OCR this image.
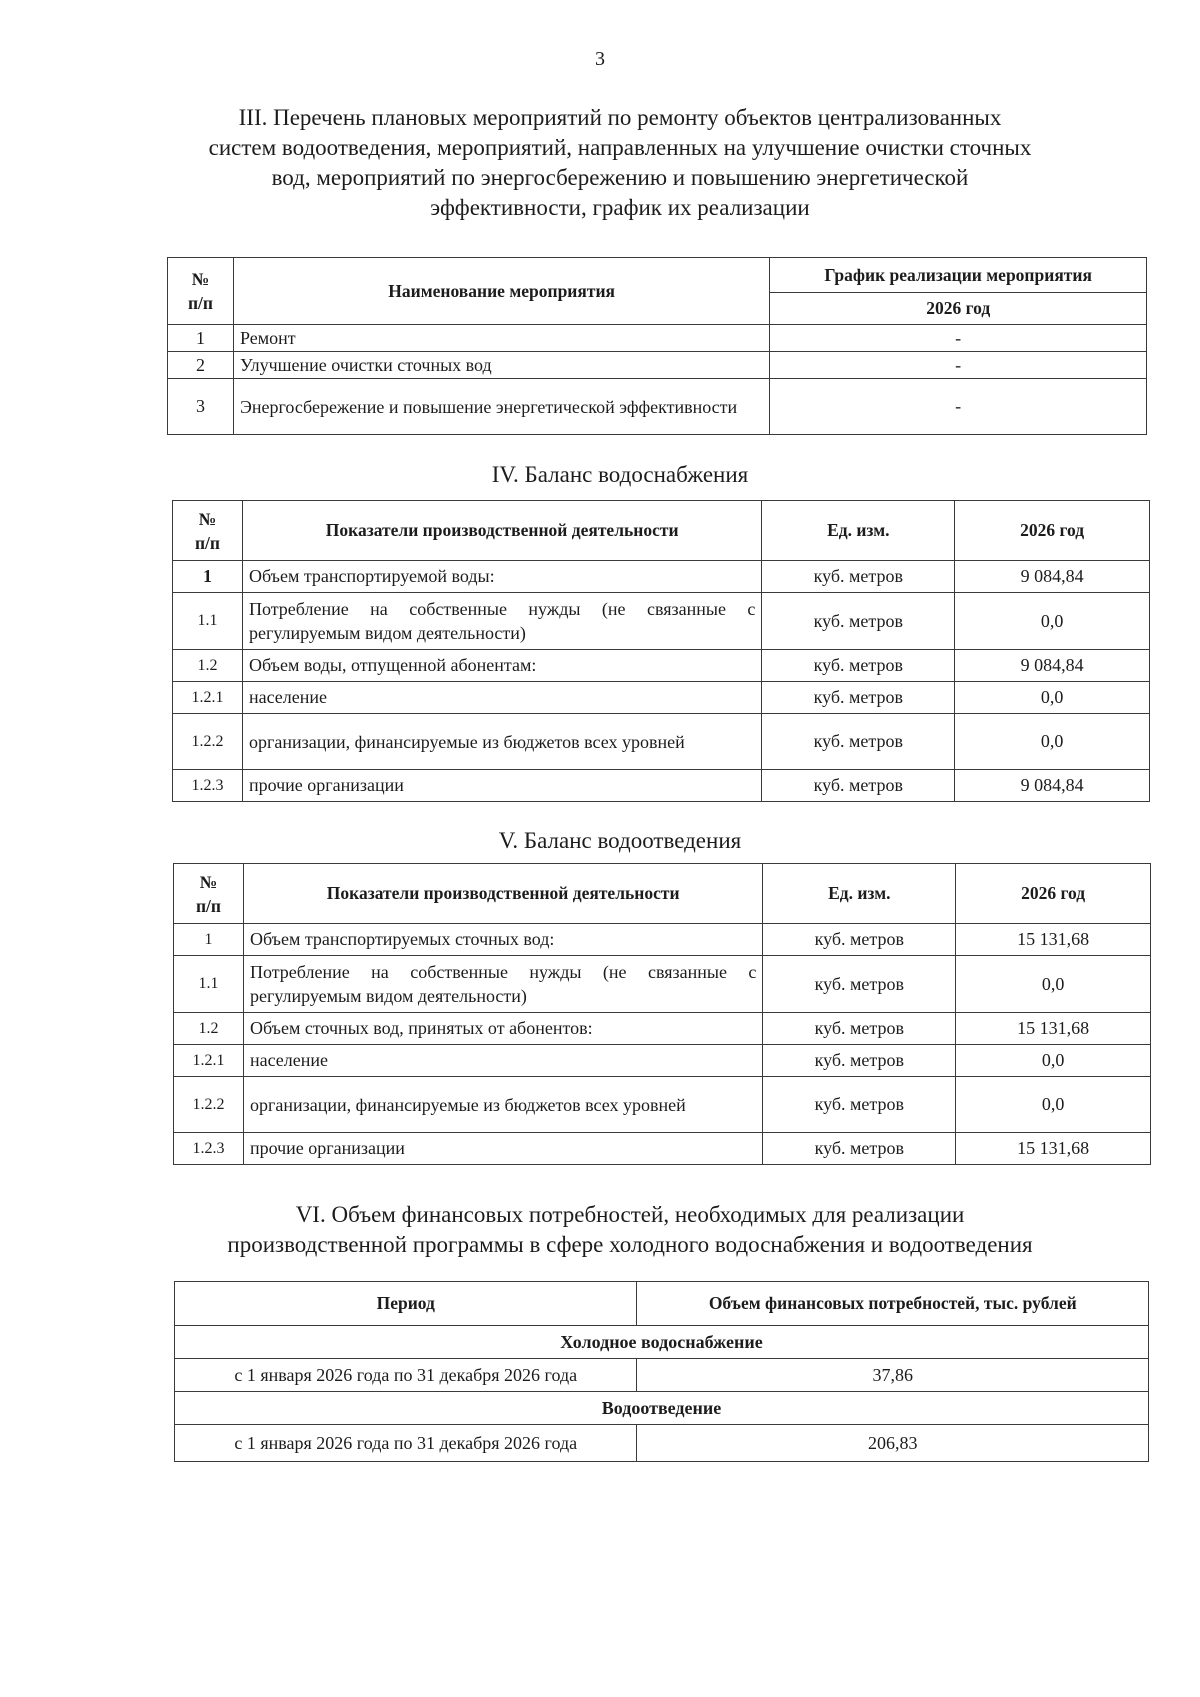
3
III. Перечень плановых мероприятий по ремонту объектов централизованных
систем водоотведения, мероприятий, направленных на улучшение очистки сточных
вод, мероприятий по энергосбережению и повышению энергетической
эффективности, график их реализации
№
п/п	Наименование мероприятия	График реализации мероприятия
		2026 год
1	Ремонт	-
2	Улучшение очистки сточных вод	-
3	Энергосбережение и повышение энергетической эффективности	-
IV. Баланс водоснабжения
№
п/п	Показатели производственной деятельности	Ед. изм.	2026 год
1	Объем транспортируемой воды:	куб. метров	9 084,84
1.1	Потребление на собственные нужды (не связанные с регулируемым видом деятельности)	куб. метров	0,0
1.2	Объем воды, отпущенной абонентам:	куб. метров	9 084,84
1.2.1	население	куб. метров	0,0
1.2.2	организации, финансируемые из бюджетов всех уровней	куб. метров	0,0
1.2.3	прочие организации	куб. метров	9 084,84
V. Баланс водоотведения
№
п/п	Показатели производственной деятельности	Ед. изм.	2026 год
1	Объем транспортируемых сточных вод:	куб. метров	15 131,68
1.1	Потребление на собственные нужды (не связанные с регулируемым видом деятельности)	куб. метров	0,0
1.2	Объем сточных вод, принятых от абонентов:	куб. метров	15 131,68
1.2.1	население	куб. метров	0,0
1.2.2	организации, финансируемые из бюджетов всех уровней	куб. метров	0,0
1.2.3	прочие организации	куб. метров	15 131,68
VI. Объем финансовых потребностей, необходимых для реализации
производственной программы в сфере холодного водоснабжения и водоотведения
Период	Объем финансовых потребностей, тыс. рублей
Холодное водоснабжение	
с 1 января 2026 года по 31 декабря 2026 года	37,86
Водоотведение	
с 1 января 2026 года по 31 декабря 2026 года	206,83
